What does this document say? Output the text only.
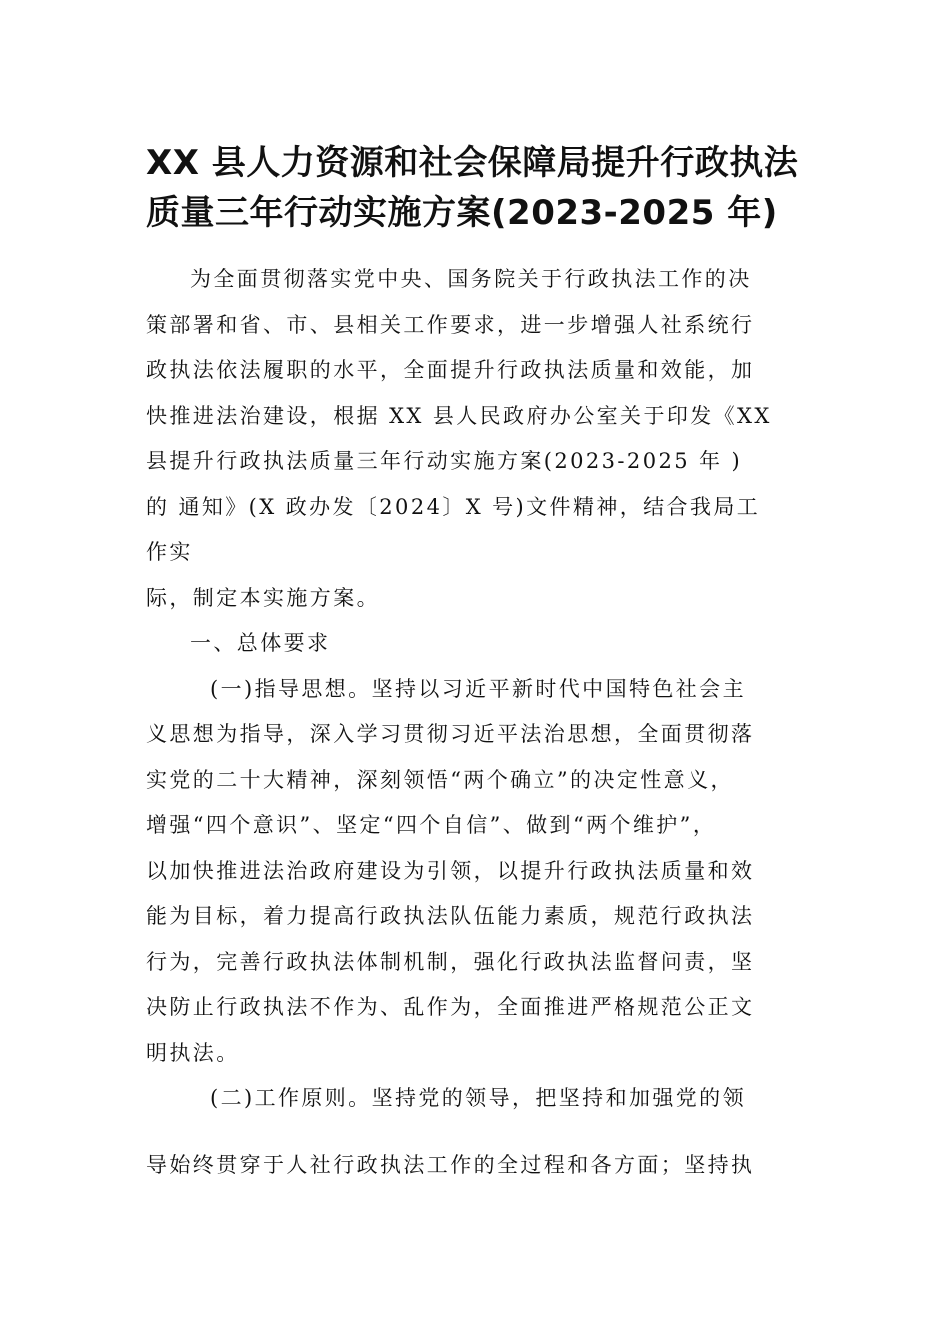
XX 县人力资源和社会保障局提升行政执法
质量三年行动实施方案(2023-2025 年)

为全面贯彻落实党中央、国务院关于行政执法工作的决

策部署和省、市、县相关工作要求，进一步增强人社系统行

政执法依法履职的水平，全面提升行政执法质量和效能，加

快推进法治建设，根据 XX 县人民政府办公室关于印发《XX

县提升行政执法质量三年行动实施方案(2023-2025 年 )

的 通知》(X 政办发〔2024〕X 号)文件精神，结合我局工

作实

际，制定本实施方案。

一、总体要求

(一)指导思想。坚持以习近平新时代中国特色社会主

义思想为指导，深入学习贯彻习近平法治思想，全面贯彻落

实党的二十大精神，深刻领悟“两个确立”的决定性意义，

增强“四个意识”、坚定“四个自信”、做到“两个维护”，

以加快推进法治政府建设为引领，以提升行政执法质量和效

能为目标，着力提高行政执法队伍能力素质，规范行政执法

行为，完善行政执法体制机制，强化行政执法监督问责，坚

决防止行政执法不作为、乱作为，全面推进严格规范公正文

明执法。

(二)工作原则。坚持党的领导，把坚持和加强党的领

导始终贯穿于人社行政执法工作的全过程和各方面；坚持执
